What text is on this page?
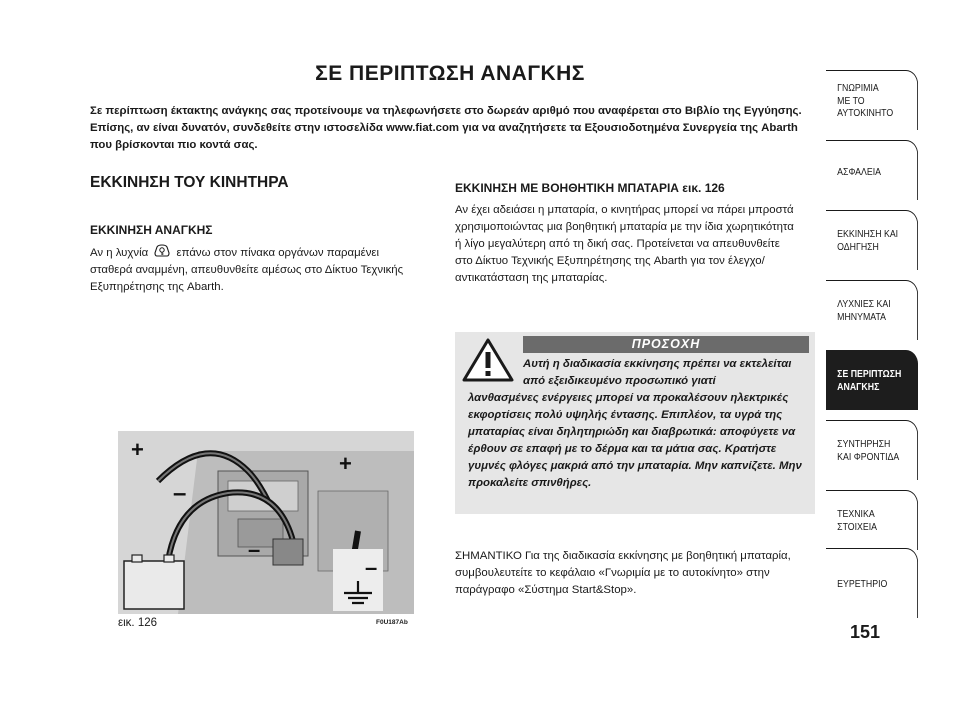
ΣΕ ΠΕΡΙΠΤΩΣΗ ΑΝΑΓΚΗΣ
Σε περίπτωση έκτακτης ανάγκης σας προτείνουμε να τηλεφωνήσετε στο δωρεάν αριθμό που αναφέρεται στο Βιβλίο της Εγγύησης. Επίσης, αν είναι δυνατόν, συνδεθείτε στην ιστοσελίδα www.fiat.com για να αναζητήσετε τα Εξουσιοδοτημένα Συνεργεία της Abarth που βρίσκονται πιο κοντά σας.
ΕΚΚΙΝΗΣΗ ΤΟΥ ΚΙΝΗΤΗΡΑ
ΕΚΚΙΝΗΣΗ ΑΝΑΓΚΗΣ
Αν η λυχνία επάνω στον πίνακα οργάνων παραμένει σταθερά αναμμένη, απευθυνθείτε αμέσως στο Δίκτυο Τεχνικής Εξυπηρέτησης της Abarth.
ΕΚΚΙΝΗΣΗ ΜΕ ΒΟΗΘΗΤΙΚΗ ΜΠΑΤΑΡΙΑ εικ. 126
Αν έχει αδειάσει η μπαταρία, ο κινητήρας μπορεί να πάρει μπροστά χρησιμοποιώντας μια βοηθητική μπαταρία με την ίδια χωρητικότητα ή λίγο μεγαλύτερη από τη δική σας. Προτείνεται να απευθυνθείτε στο Δίκτυο Τεχνικής Εξυπηρέτησης της Abarth για τον έλεγχο/αντικατάσταση της μπαταρίας.
ΠΡΟΣΟΧΗ
Αυτή η διαδικασία εκκίνησης πρέπει να εκτελείται από εξειδικευμένο προσωπικό γιατί
λανθασμένες ενέργειες μπορεί να προκαλέσουν ηλεκτρικές εκφορτίσεις πολύ υψηλής έντασης. Επιπλέον, τα υγρά της μπαταρίας είναι δηλητηριώδη και διαβρωτικά: αποφύγετε να έρθουν σε επαφή με το δέρμα και τα μάτια σας. Κρατήστε γυμνές φλόγες μακριά από την μπαταρία. Μην καπνίζετε. Μην προκαλείτε σπινθήρες.
ΣΗΜΑΝΤΙΚΟ Για της διαδικασία εκκίνησης με βοηθητική μπαταρία, συμβουλευτείτε το κεφάλαιο «Γνωριμία με το αυτοκίνητο» στην παράγραφο «Σύστημα Start&Stop».
+
+
–
–
–
εικ. 126	F0U187Ab
ΓΝΩΡΙΜΙΑ
ΜΕ ΤΟ
ΑΥΤΟΚΙΝΗΤΟ
ΑΣΦΑΛΕΙΑ
ΕΚΚΙΝΗΣΗ ΚΑΙ
ΟΔΗΓΗΣΗ
ΛΥΧΝΙΕΣ ΚΑΙ
ΜΗΝΥΜΑΤΑ
ΣΕ ΠΕΡΙΠΤΩΣΗ
ΑΝΑΓΚΗΣ
ΣΥΝΤΗΡΗΣΗ
ΚΑΙ ΦΡΟΝΤΙΔΑ
ΤΕΧΝΙΚΑ
ΣΤΟΙΧΕΙΑ
ΕΥΡΕΤΗΡΙΟ
151
